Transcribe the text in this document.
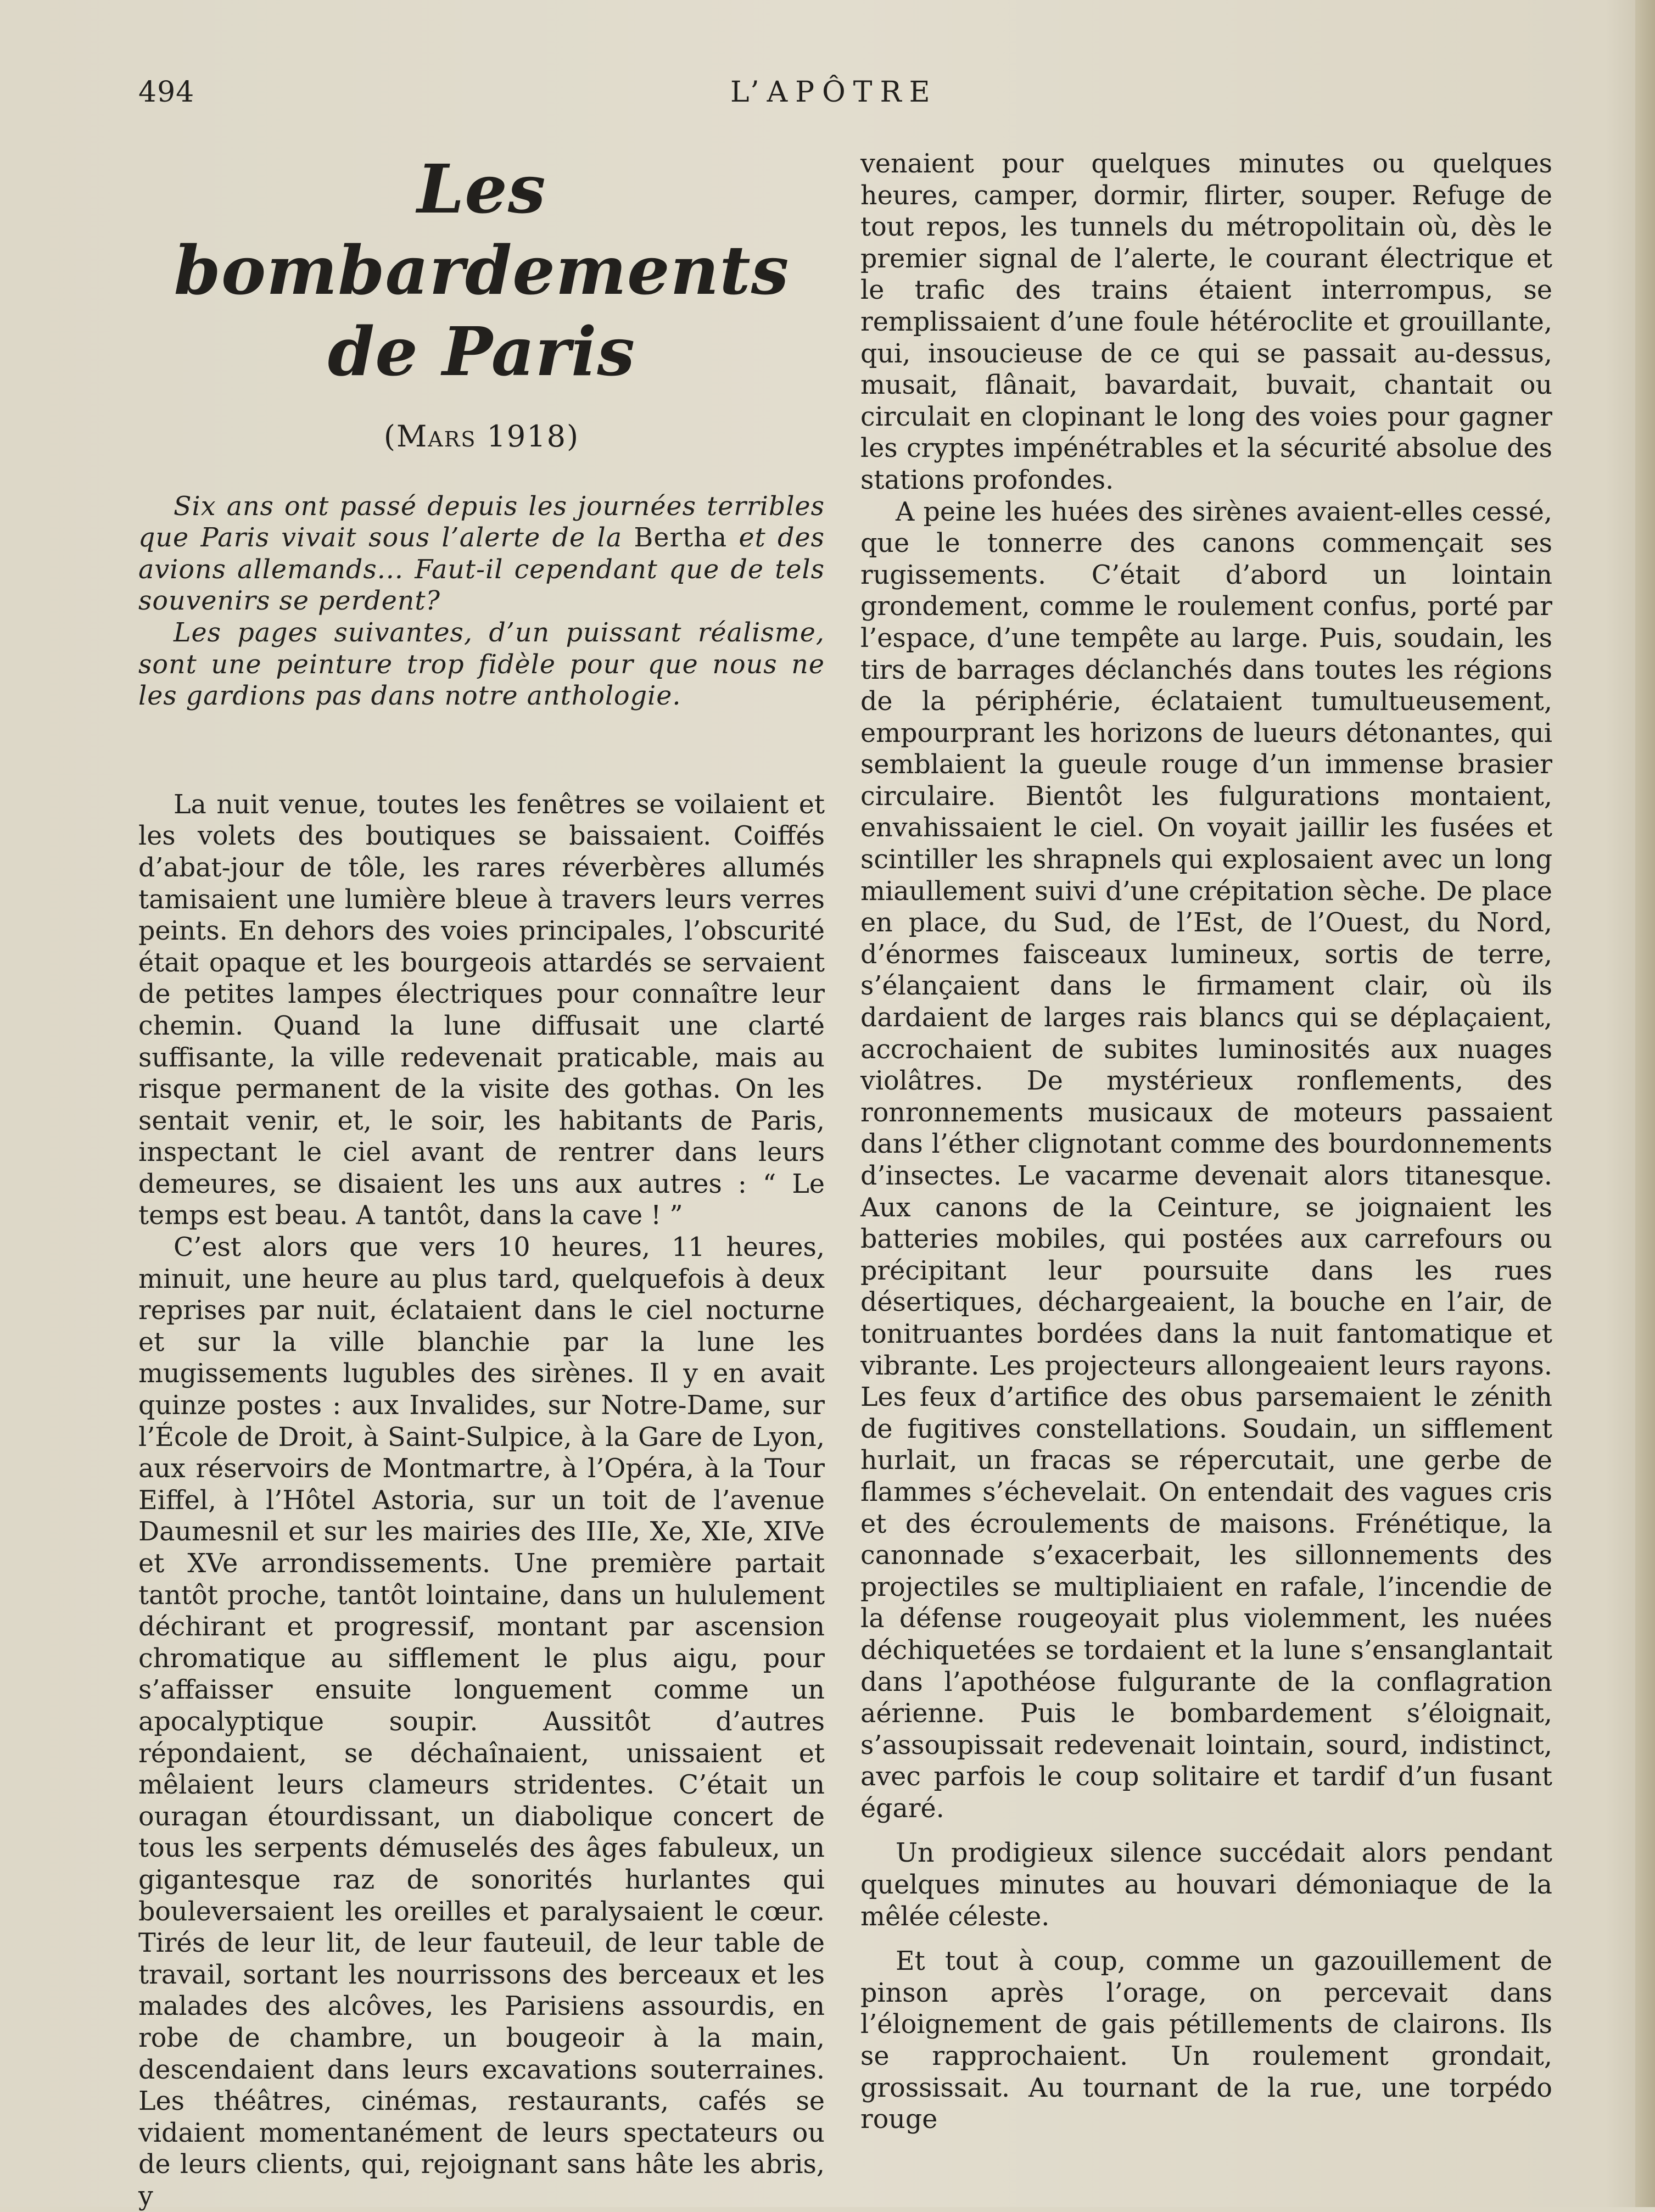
494	L’APÔTRE
Les bombardements
de Paris
(Mars 1918)

Six ans ont passé depuis les journées terribles que Paris vivait sous l’alerte de la Bertha et des avions allemands... Faut-il cependant que de tels souvenirs se perdent?

Les pages suivantes, d’un puissant réalisme, sont une peinture trop fidèle pour que nous ne les gardions pas dans notre anthologie.

La nuit venue, toutes les fenêtres se voilaient et les volets des boutiques se baissaient. Coiffés d’abat-jour de tôle, les rares réverbères allumés tamisaient une lumière bleue à travers leurs verres peints. En dehors des voies principales, l’obscurité était opaque et les bourgeois attardés se servaient de petites lampes électriques pour connaître leur chemin. Quand la lune diffusait une clarté suffisante, la ville redevenait praticable, mais au risque permanent de la visite des gothas. On les sentait venir, et, le soir, les habitants de Paris, inspectant le ciel avant de rentrer dans leurs demeures, se disaient les uns aux autres : “ Le temps est beau. A tantôt, dans la cave ! ”

C’est alors que vers 10 heures, 11 heures, minuit, une heure au plus tard, quelquefois à deux reprises par nuit, éclataient dans le ciel nocturne et sur la ville blanchie par la lune les mugissements lugubles des sirènes. Il y en avait quinze postes : aux Invalides, sur Notre-Dame, sur l’École de Droit, à Saint-Sulpice, à la Gare de Lyon, aux réservoirs de Montmartre, à l’Opéra, à la Tour Eiffel, à l’Hôtel Astoria, sur un toit de l’avenue Daumesnil et sur les mairies des IIIe, Xe, XIe, XIVe et XVe arrondissements. Une première partait tantôt proche, tantôt lointaine, dans un hululement déchirant et progressif, montant par ascension chromatique au sifflement le plus aigu, pour s’affaisser ensuite longuement comme un apocalyptique soupir. Aussitôt d’autres répondaient, se déchaînaient, unissaient et mêlaient leurs clameurs stridentes. C’était un ouragan étourdissant, un diabolique concert de tous les serpents démuselés des âges fabuleux, un gigantesque raz de sonorités hurlantes qui bouleversaient les oreilles et paralysaient le cœur. Tirés de leur lit, de leur fauteuil, de leur table de travail, sortant les nourrissons des berceaux et les malades des alcôves, les Parisiens assourdis, en robe de chambre, un bougeoir à la main, descendaient dans leurs excavations souterraines. Les théâtres, cinémas, restaurants, cafés se vidaient momentanément de leurs spectateurs ou de leurs clients, qui, rejoignant sans hâte les abris, y

venaient pour quelques minutes ou quelques heures, camper, dormir, flirter, souper. Refuge de tout repos, les tunnels du métropolitain où, dès le premier signal de l’alerte, le courant électrique et le trafic des trains étaient interrompus, se remplissaient d’une foule hétéroclite et grouillante, qui, insoucieuse de ce qui se passait au-dessus, musait, flânait, bavardait, buvait, chantait ou circulait en clopinant le long des voies pour gagner les cryptes impénétrables et la sécurité absolue des stations profondes.

A peine les huées des sirènes avaient-elles cessé, que le tonnerre des canons commençait ses rugissements. C’était d’abord un lointain grondement, comme le roulement confus, porté par l’espace, d’une tempête au large. Puis, soudain, les tirs de barrages déclanchés dans toutes les régions de la périphérie, éclataient tumultueusement, empourprant les horizons de lueurs détonantes, qui semblaient la gueule rouge d’un immense brasier circulaire. Bientôt les fulgurations montaient, envahissaient le ciel. On voyait jaillir les fusées et scintiller les shrapnels qui explosaient avec un long miaullement suivi d’une crépitation sèche. De place en place, du Sud, de l’Est, de l’Ouest, du Nord, d’énormes faisceaux lumineux, sortis de terre, s’élançaient dans le firmament clair, où ils dardaient de larges rais blancs qui se déplaçaient, accrochaient de subites luminosités aux nuages violâtres. De mystérieux ronflements, des ronronnements musicaux de moteurs passaient dans l’éther clignotant comme des bourdonnements d’insectes. Le vacarme devenait alors titanesque. Aux canons de la Ceinture, se joignaient les batteries mobiles, qui postées aux carrefours ou précipitant leur poursuite dans les rues désertiques, déchargeaient, la bouche en l’air, de tonitruantes bordées dans la nuit fantomatique et vibrante. Les projecteurs allongeaient leurs rayons. Les feux d’artifice des obus parsemaient le zénith de fugitives constellations. Soudain, un sifflement hurlait, un fracas se répercutait, une gerbe de flammes s’échevelait. On entendait des vagues cris et des écroulements de maisons. Frénétique, la canonnade s’exacerbait, les sillonnements des projectiles se multipliaient en rafale, l’incendie de la défense rougeoyait plus violemment, les nuées déchiquetées se tordaient et la lune s’ensanglantait dans l’apothéose fulgurante de la conflagration aérienne. Puis le bombardement s’éloignait, s’assoupissait redevenait lointain, sourd, indistinct, avec parfois le coup solitaire et tardif d’un fusant égaré.

Un prodigieux silence succédait alors pendant quelques minutes au houvari démoniaque de la mêlée céleste.

Et tout à coup, comme un gazouillement de pinson après l’orage, on percevait dans l’éloignement de gais pétillements de clairons. Ils se rapprochaient. Un roulement grondait, grossissait. Au tournant de la rue, une torpédo rouge
